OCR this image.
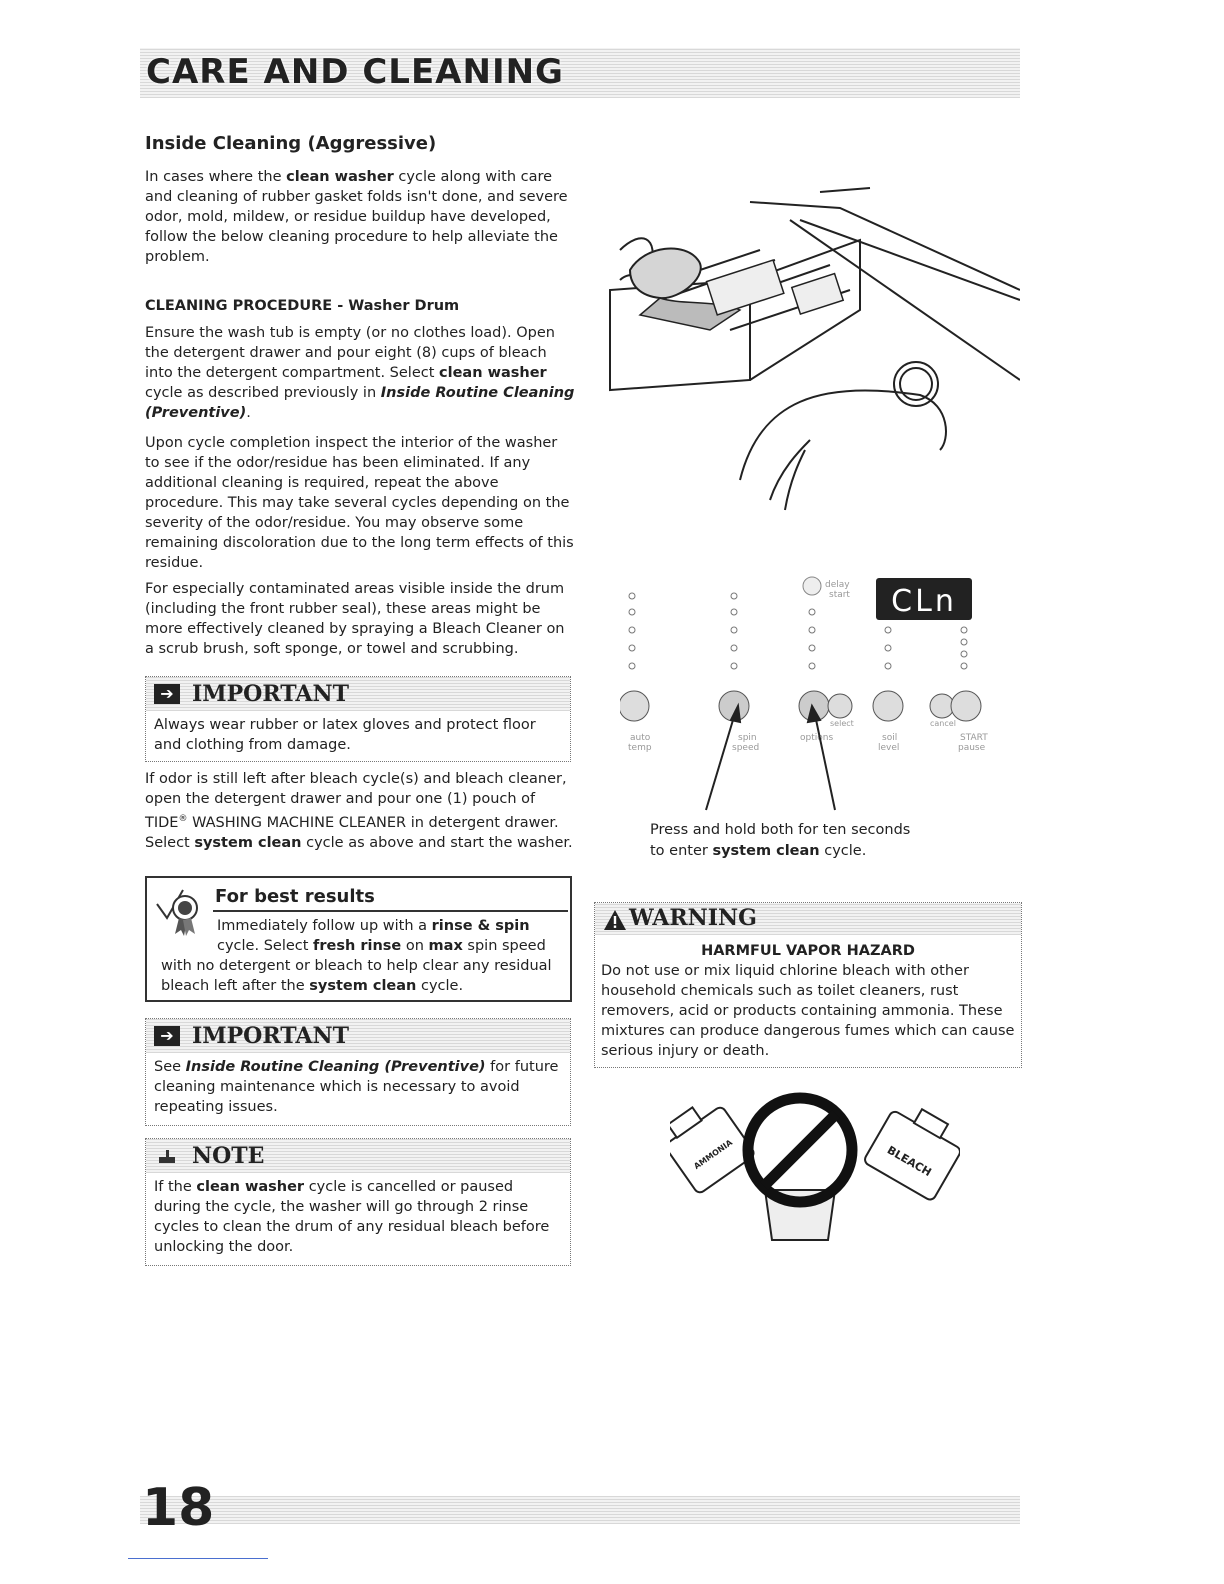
CARE AND CLEANING
Inside Cleaning (Aggressive)

In cases where the clean washer cycle along with care and cleaning of rubber gasket folds isn't done, and severe odor, mold, mildew, or residue buildup have developed, follow the below cleaning procedure to help alleviate the problem.

CLEANING PROCEDURE - Washer Drum

Ensure the wash tub is empty (or no clothes load). Open the detergent drawer and pour eight (8) cups of bleach into the detergent compartment. Select clean washer cycle as described previously in Inside Routine Cleaning (Preventive).

Upon cycle completion inspect the interior of the washer to see if the odor/residue has been eliminated. If any additional cleaning is required, repeat the above procedure. This may take several cycles depending on the severity of the odor/residue. You may observe some remaining discoloration due to the long term effects of this residue.

For especially contaminated areas visible inside the drum (including the front rubber seal), these areas might be more effectively cleaned by spraying a Bleach Cleaner on a scrub brush, soft sponge, or towel and scrubbing.

➔ IMPORTANT

Always wear rubber or latex gloves and protect floor and clothing from damage.

If odor is still left after bleach cycle(s) and bleach cleaner, open the detergent drawer and pour one (1) pouch of TIDE® WASHING MACHINE CLEANER in detergent drawer. Select system clean cycle as above and start the washer.

For best results
Immediately follow up with a rinse & spin cycle. Select fresh rinse on max spin speed
with no detergent or bleach to help clear any residual bleach left after the system clean cycle.
➔ IMPORTANT

See Inside Routine Cleaning (Preventive) for future cleaning maintenance which is necessary to avoid repeating issues.

NOTE

If the clean washer cycle is cancelled or paused during the cycle, the washer will go through 2 rinse cycles to clean the drum of any residual bleach before unlocking the door.

delay
start CLn
auto
temp
spin
speed
options
select
soil
level
cancel
START
pause
Press and hold both for ten seconds
to enter system clean cycle.
WARNING
HARMFUL VAPOR HAZARD

Do not use or mix liquid chlorine bleach with other household chemicals such as toilet cleaners, rust removers, acid or products containing ammonia. These mixtures can produce dangerous fumes which can cause serious injury or death.

AMMONIA	BLEACH
18
